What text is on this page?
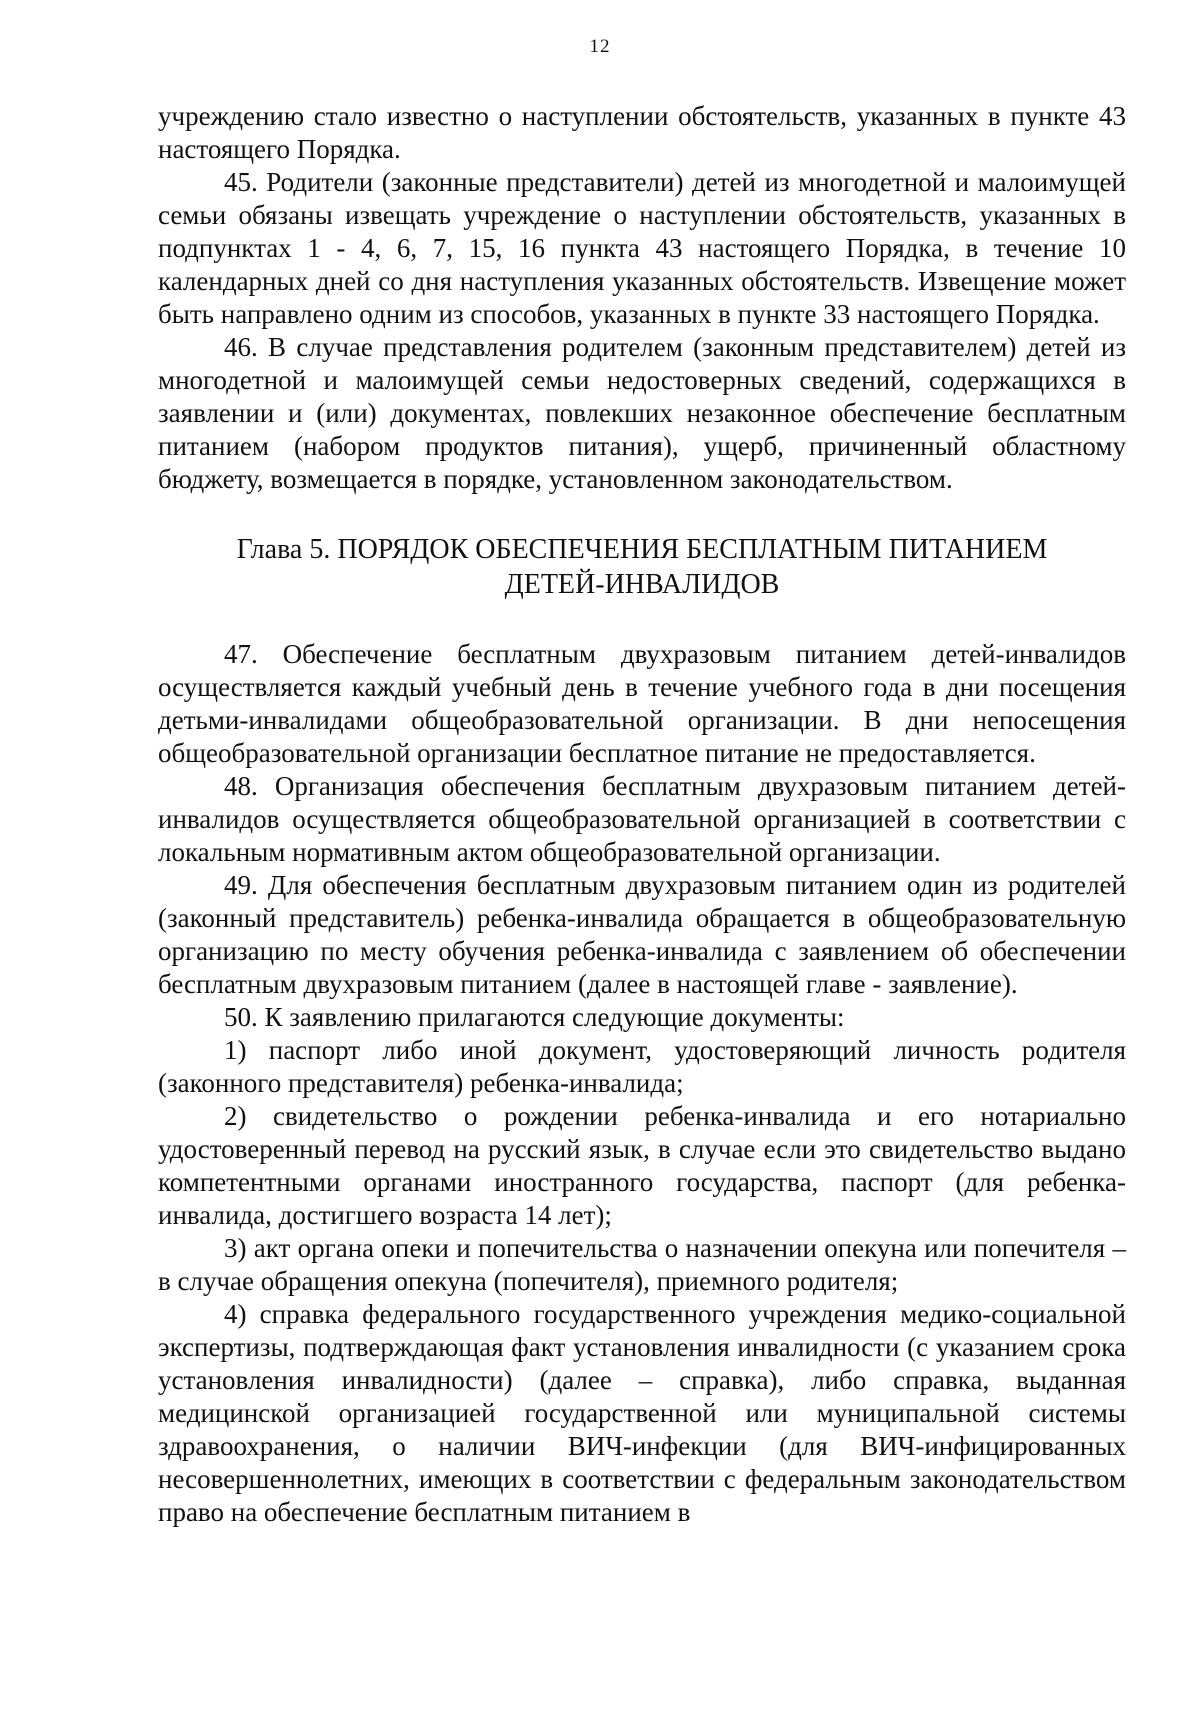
12

учреждению стало известно о наступлении обстоятельств, указанных в пункте 43 настоящего Порядка.

45. Родители (законные представители) детей из многодетной и малоимущей семьи обязаны извещать учреждение о наступлении обстоятельств, указанных в подпунктах 1 - 4, 6, 7, 15, 16 пункта 43 настоящего Порядка, в течение 10 календарных дней со дня наступления указанных обстоятельств. Извещение может быть направлено одним из способов, указанных в пункте 33 настоящего Порядка.

46. В случае представления родителем (законным представителем) детей из многодетной и малоимущей семьи недостоверных сведений, содержащихся в заявлении и (или) документах, повлекших незаконное обеспечение бесплатным питанием (набором продуктов питания), ущерб, причиненный областному бюджету, возмещается в порядке, установленном законодательством.

Глава 5. ПОРЯДОК ОБЕСПЕЧЕНИЯ БЕСПЛАТНЫМ ПИТАНИЕМ
ДЕТЕЙ-ИНВАЛИДОВ

47. Обеспечение бесплатным двухразовым питанием детей-инвалидов осуществляется каждый учебный день в течение учебного года в дни посещения детьми-инвалидами общеобразовательной организации. В дни непосещения общеобразовательной организации бесплатное питание не предоставляется.

48. Организация обеспечения бесплатным двухразовым питанием детей-инвалидов осуществляется общеобразовательной организацией в соответствии с локальным нормативным актом общеобразовательной организации.

49. Для обеспечения бесплатным двухразовым питанием один из родителей (законный представитель) ребенка-инвалида обращается в общеобразовательную организацию по месту обучения ребенка-инвалида с заявлением об обеспечении бесплатным двухразовым питанием (далее в настоящей главе - заявление).

50. К заявлению прилагаются следующие документы:

1) паспорт либо иной документ, удостоверяющий личность родителя (законного представителя) ребенка-инвалида;

2) свидетельство о рождении ребенка-инвалида и его нотариально удостоверенный перевод на русский язык, в случае если это свидетельство выдано компетентными органами иностранного государства, паспорт (для ребенка-инвалида, достигшего возраста 14 лет);

3) акт органа опеки и попечительства о назначении опекуна или попечителя – в случае обращения опекуна (попечителя), приемного родителя;

4) справка федерального государственного учреждения медико-социальной экспертизы, подтверждающая факт установления инвалидности (с указанием срока установления инвалидности) (далее – справка), либо справка, выданная медицинской организацией государственной или муниципальной системы здравоохранения, о наличии ВИЧ-инфекции (для ВИЧ-инфицированных несовершеннолетних, имеющих в соответствии с федеральным законодательством право на обеспечение бесплатным питанием в
